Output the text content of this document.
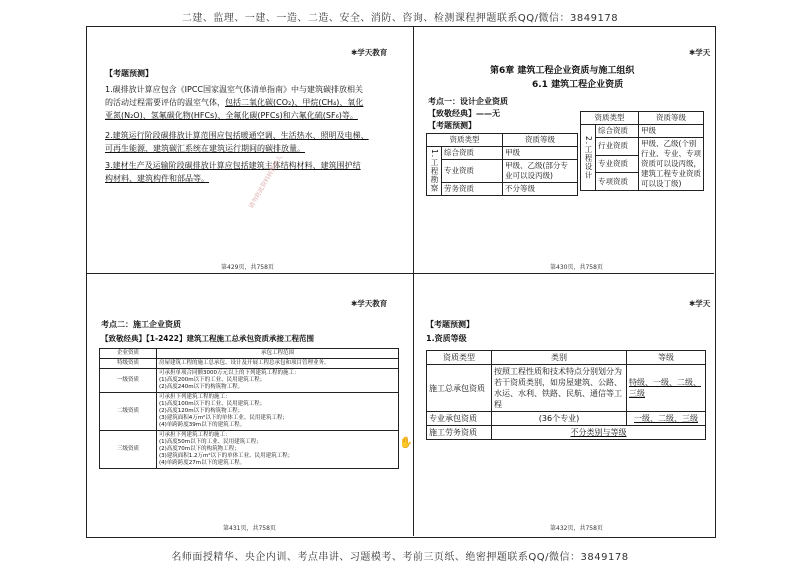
二建、监理、一建、一造、二造、安全、消防、咨询、检测课程押题联系QQ/微信：3849178
名师面授精华、央企内训、考点串讲、习题模考、考前三页纸、绝密押题联系QQ/微信：3849178
✱学天教育
【考题预测】
1.碳排放计算应包含《IPCC国家温室气体清单指南》中与建筑碳排放相关
的活动过程需要评估的温室气体，包括二氧化碳(CO₂)、甲烷(CH₄)、氧化
亚氮(N₂O)、氢氟碳化物(HFCs)、全氟化碳(PFCs)和六氟化硫(SF₆)等。
2.建筑运行阶段碳排放计算范围应包括暖通空调、生活热水、照明及电梯、
可再生能源、建筑碳汇系统在建筑运行期间的碳排放量。
3.建材生产及运输阶段碳排放计算应包括建筑主体结构材料、建筑围护结
构材料、建筑构件和部品等。	请勿将此资料转售他人
第429页，共758页
✱学天
第6章 建筑工程企业资质与施工组织
6.1 建筑工程企业资质
考点一：设计企业资质
【致敬经典】——无
【考题预测】
资质类型		资质等级
1.工程勘察	综合资质	甲级
	专业资质	甲级、乙级(部分专业可以设丙级)
	劳务资质	不分等级
资质类型		资质等级
2.工程设计	综合资质	甲级
	行业资质	甲级、乙级(个别行业、专业、专项资质可以设丙级，建筑工程专业资质可以设丁级)
	专业资质	
	专项资质	
第430页，共758页
✱学天教育
考点二：施工企业资质
【致敬经典】【1-2422】建筑工程施工总承包资质承接工程范围
企业资质	承包工程范围
特级资质	房屋建筑工程的施工总承包、设计及开展工程总承包和项目管理业务。

一级资质	可承担单项合同额3000万元以上的下列建筑工程的施工：
(1)高度200m以下的工业、民用建筑工程；
(2)高度240m以下的构筑物工程。

二级资质	可承担下列建筑工程的施工：
(1)高度100m以下的工业、民用建筑工程；
(2)高度120m以下的构筑物工程；
(3)建筑面积4万m²以下的单体工业、民用建筑工程；
(4)单跨跨度39m以下的建筑工程。

三级资质	可承担下列建筑工程的施工：
(1)高度50m以下的工业、民用建筑工程；
(2)高度70m以下的构筑物工程；
(3)建筑面积1.2万m²以下的单体工业、民用建筑工程；
(4)单跨跨度27m以下的建筑工程。
✋
第431页，共758页
✱学天
【考题预测】
1.资质等级
资质类型	类别	等级
施工总承包资质	按照工程性质和技术特点分别划分为若干资质类别，如房屋建筑、公路、水运、水利、铁路、民航、通信等工程	特级、一级、二级、三级
专业承包资质	(36个专业)	一级、二级、三级
施工劳务资质	不分类别与等级	
第432页，共758页
